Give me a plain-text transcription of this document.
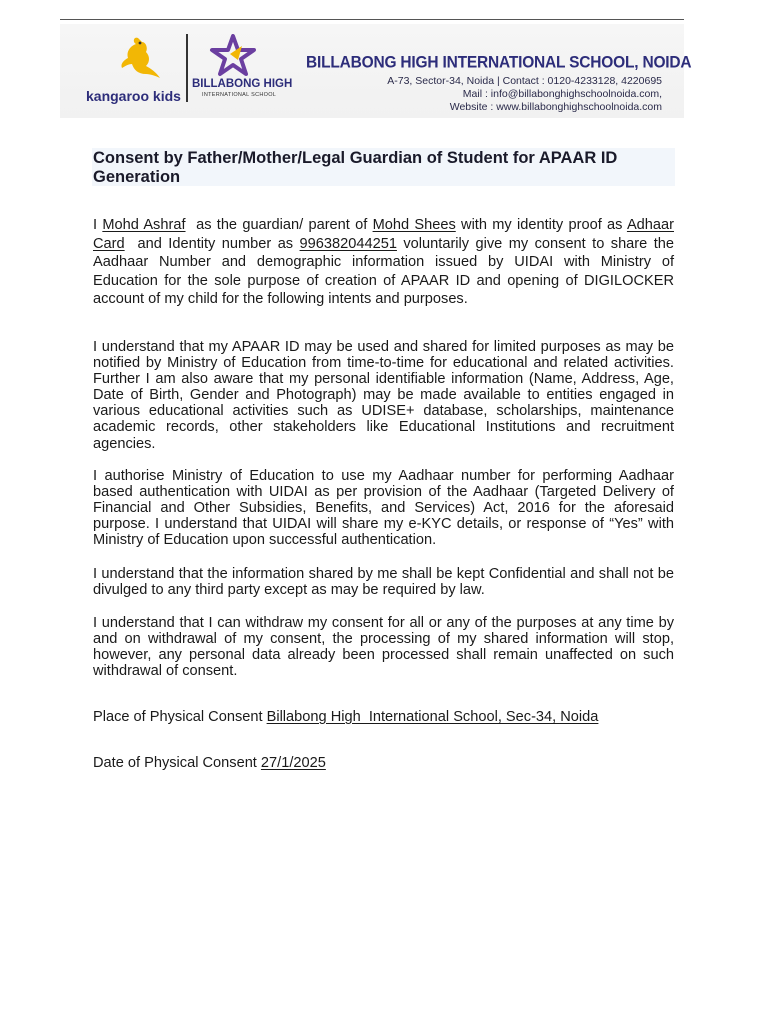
kangaroo kids
BILLABONG HIGH
INTERNATIONAL SCHOOL
BILLABONG HIGH INTERNATIONAL SCHOOL, NOIDA
A-73, Sector-34, Noida | Contact : 0120-4233128, 4220695
Mail : info@billabonghighschoolnoida.com,
Website : www.billabonghighschoolnoida.com
Consent by Father/Mother/Legal Guardian of Student for APAAR ID Generation

I Mohd Ashraf  as the guardian/ parent of Mohd Shees with my identity proof as Adhaar Card  and Identity number as 996382044251 voluntarily give my consent to share the Aadhaar Number and demographic information issued by UIDAI with Ministry of Education for the sole purpose of creation of APAAR ID and opening of DIGILOCKER account of my child for the following intents and purposes.

I understand that my APAAR ID may be used and shared for limited purposes as may be notified by Ministry of Education from time-to-time for educational and related activities. Further I am also aware that my personal identifiable information (Name, Address, Age, Date of Birth, Gender and Photograph) may be made available to entities engaged in various educational activities such as UDISE+ database, scholarships, maintenance academic records, other stakeholders like Educational Institutions and recruitment agencies.

I authorise Ministry of Education to use my Aadhaar number for performing Aadhaar based authentication with UIDAI as per provision of the Aadhaar (Targeted Delivery of Financial and Other Subsidies, Benefits, and Services) Act, 2016 for the aforesaid purpose. I understand that UIDAI will share my e-KYC details, or response of “Yes” with Ministry of Education upon successful authentication.

I understand that the information shared by me shall be kept Confidential and shall not be divulged to any third party except as may be required by law.

I understand that I can withdraw my consent for all or any of the purposes at any time by and on withdrawal of my consent, the processing of my shared information will stop, however, any personal data already been processed shall remain unaffected on such withdrawal of consent.

Place of Physical Consent Billabong High  International School, Sec-34, Noida

Date of Physical Consent 27/1/2025
